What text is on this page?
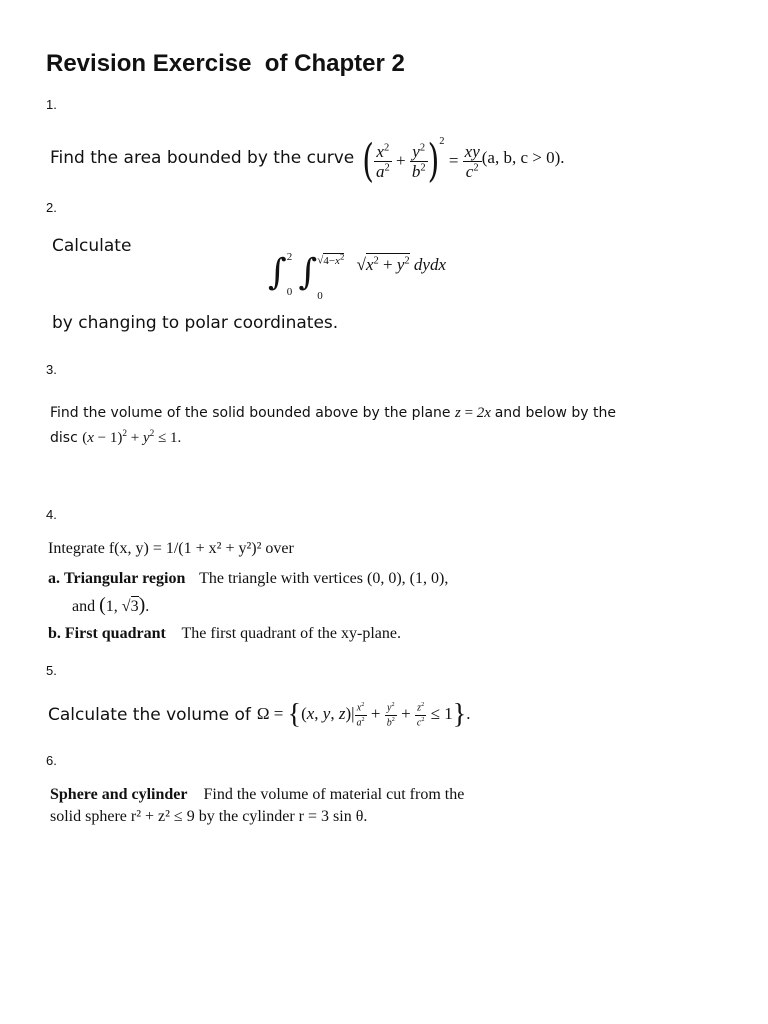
Revision Exercise  of Chapter 2
1.
Find the area bounded by the curve ( $\frac{x^2}{a^2} + \frac{y^2}{b^2} )^2 = \frac{xy}{c^2} (a$, b, c > 0).
2.
Calculate
∫ 2
0 ∫ $√4-x^2$
0
$√x^2 + y^2$ dydx
by changing to polar coordinates.
3.
Find the volume of the solid bounded above by the plane z = 2x and below by the
disc $(x - 1)^2 + y^2 \le 1$.
4.
Integrate f(x, y) = 1/(1 + x² + y²)² over
a. Triangular region The triangle with vertices (0, 0), (1, 0),
and (1, √3).
b. First quadrant The first quadrant of the xy-plane.
5.
Calculate the volume of Ω = {(x, y, $z)| \frac{x^2}{a^2} + \frac{y^2}{b^2} + \frac{z^2}{c^2} \le 1$}.
6.
Sphere and cylinder Find the volume of material cut from the
solid sphere r² + z² ≤ 9 by the cylinder r = 3 sin θ.
